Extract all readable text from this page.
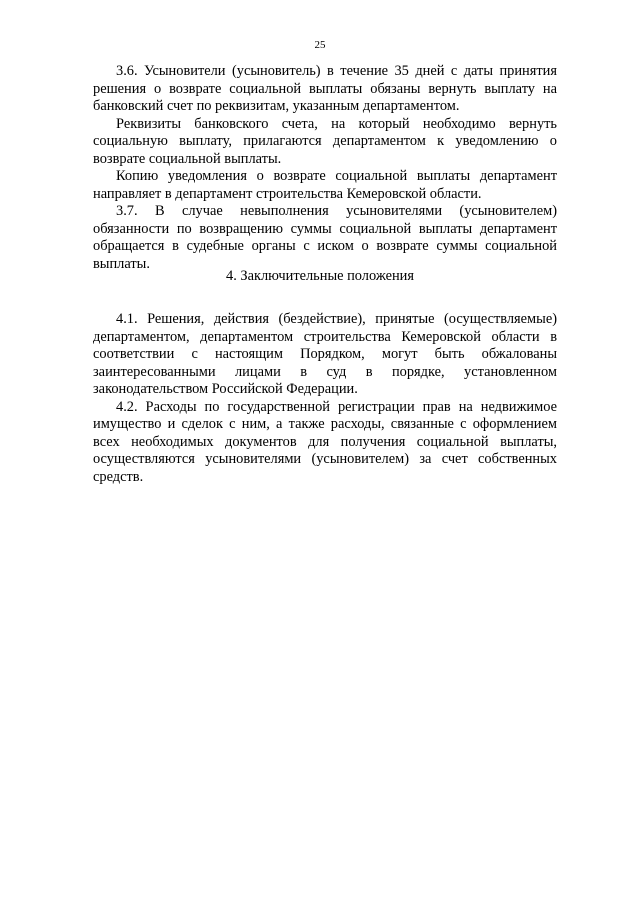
25

3.6. Усыновители (усыновитель) в течение 35 дней с даты принятия решения о возврате социальной выплаты обязаны вернуть выплату на банковский счет по реквизитам, указанным департаментом.

Реквизиты банковского счета, на который необходимо вернуть социальную выплату, прилагаются департаментом к уведомлению о возврате социальной выплаты.

Копию уведомления о возврате социальной выплаты департамент направляет в департамент строительства Кемеровской области.

3.7. В случае невыполнения усыновителями (усыновителем) обязанности по возвращению суммы социальной выплаты департамент обращается в судебные органы с иском о возврате суммы социальной выплаты.

4. Заключительные положения

4.1. Решения, действия (бездействие), принятые (осуществляемые) департаментом, департаментом строительства Кемеровской области в соответствии с настоящим Порядком, могут быть обжалованы заинтересованными лицами в суд в порядке, установленном законодательством Российской Федерации.

4.2. Расходы по государственной регистрации прав на недвижимое имущество и сделок с ним, а также расходы, связанные с оформлением всех необходимых документов для получения социальной выплаты, осуществляются усыновителями (усыновителем) за счет собственных средств.
